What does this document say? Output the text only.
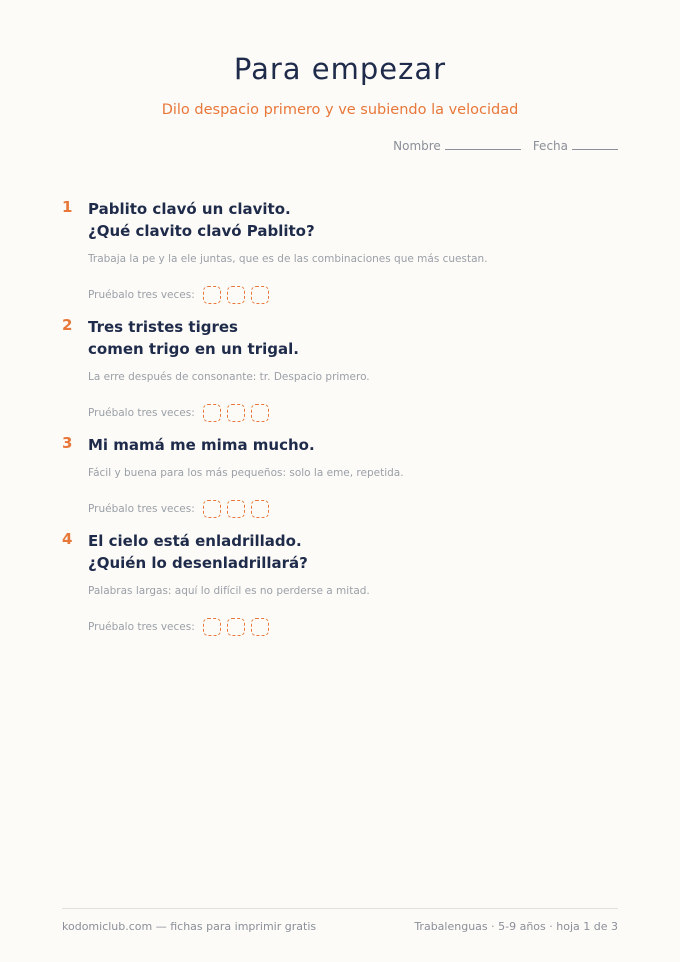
Para empezar
Dilo despacio primero y ve subiendo la velocidad
Nombre	Fecha
1 Pablito clavó un clavito.
¿Qué clavito clavó Pablito?
Trabaja la pe y la ele juntas, que es de las combinaciones que más cuestan.
Pruébalo tres veces:
2 Tres tristes tigres
comen trigo en un trigal.
La erre después de consonante: tr. Despacio primero.
Pruébalo tres veces:
3 Mi mamá me mima mucho.
Fácil y buena para los más pequeños: solo la eme, repetida.
Pruébalo tres veces:
4 El cielo está enladrillado.
¿Quién lo desenladrillará?
Palabras largas: aquí lo difícil es no perderse a mitad.
Pruébalo tres veces:
kodomiclub.com — fichas para imprimir gratis	Trabalenguas · 5-9 años · hoja 1 de 3
